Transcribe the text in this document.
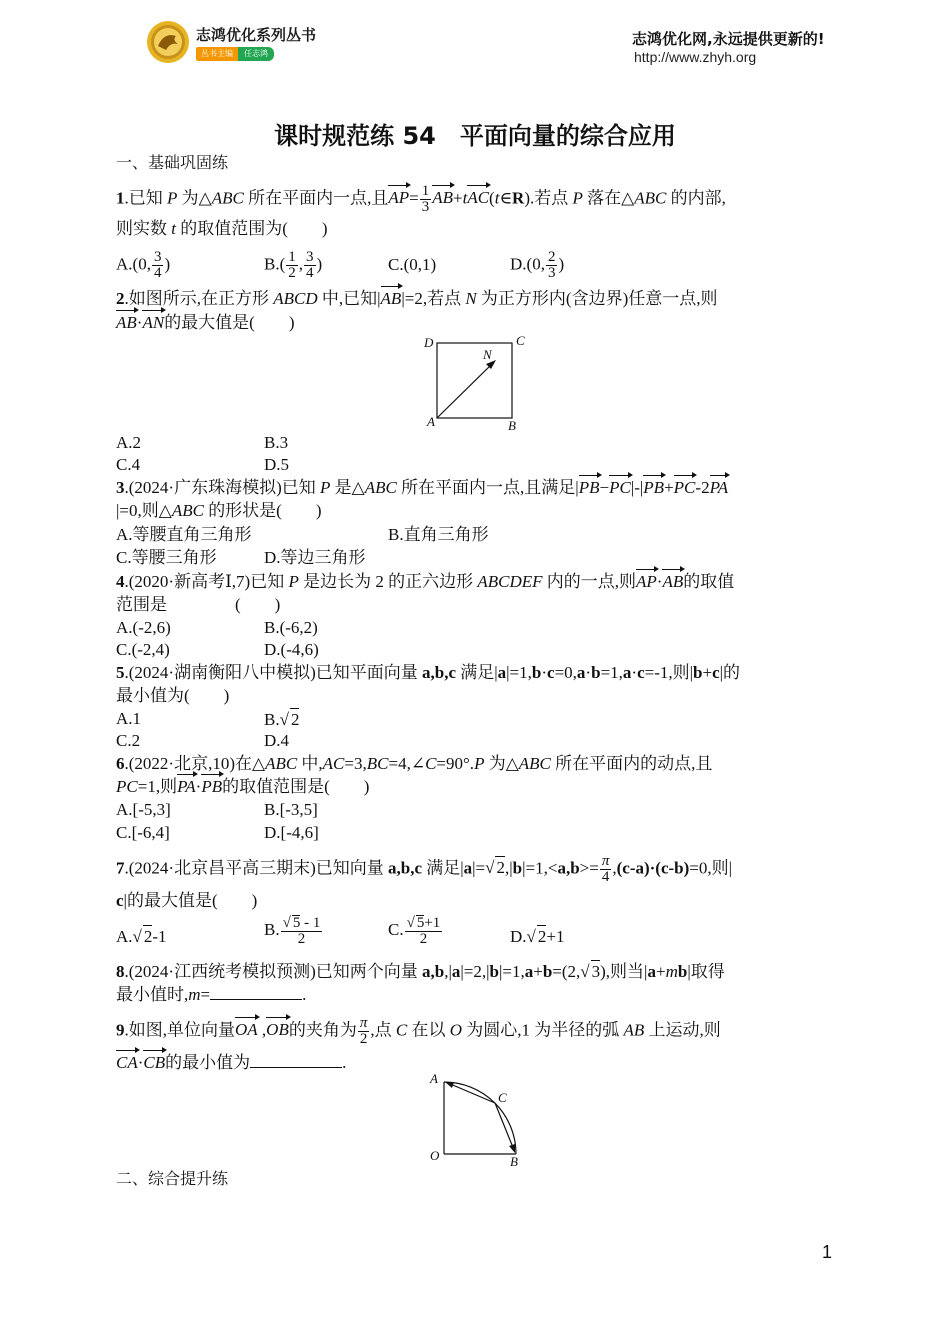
志鸿优化系列丛书
丛书主编	任志鸿
志鸿优化网,永远提供更新的!
http://www.zhyh.org
课时规范练 54　平面向量的综合应用
一、基础巩固练
1.已知 P 为△ABC 所在平面内一点,且$AP= \frac{1}{3}$ AB+tAC(t∈R).若点 P 落在△ABC 的内部,
则实数 t 的取值范围为(　　)
A.(0, $\frac{3}{4}$ )	$B.( \frac{1}{2}$ , $\frac{3}{4}$ )	C.(0,1)	D.(0, $\frac{2}{3}$ )
2.如图所示,在正方形 ABCD 中,已知|AB|=2,若点 N 为正方形内(含边界)任意一点,则
AB·AN的最大值是(　　)
D	C
N
A	B
A.2	B.3
C.4	D.5
3.(2024·广东珠海模拟)已知 P 是△ABC 所在平面内一点,且满足|PB−PC|-|PB+PC-2PA
|=0,则△ABC 的形状是(　　)
A.等腰直角三角形	B.直角三角形
C.等腰三角形	D.等边三角形
4.(2020·新高考Ⅰ,7)已知 P 是边长为 2 的正六边形 ABCDEF 内的一点,则AP·AB的取值
范围是　　　　(　　)
A.(-2,6)	B.(-6,2)
C.(-2,4)	D.(-4,6)
5.(2024·湖南衡阳八中模拟)已知平面向量 a,b,c 满足|a|=1,b·c=0,a·b=1,a·c=-1,则|b+c|的
最小值为(　　)
A.1	B. √ 2
C.2	D.4
6.(2022·北京,10)在△ABC 中,AC=3,BC=4,∠C=90°.P 为△ABC 所在平面内的动点,且
PC=1,则PA·PB的取值范围是(　　)
A.[-5,3]	B.[-3,5]
C.[-6,4]	D.[-4,6]
7.(2024·北京昌平高三期末)已知向量 a,b,c 满足|a|= √ $2,|b|=1,<a,b>= \frac{\pi}{4} ,(c-a)\cdot(c-b)=0$,则|
c|的最大值是(　　)
A. √ 2-1	B. √ $\frac{5 - 1}{2}$	C. √ $\frac{5+1}{2}$	D. √ 2+1
8.(2024·江西统考模拟预测)已知两个向量 a,b,|a|=2,|b|=1,a+b=(2, √ 3),则当|a+mb|取得
最小值时,m=	.
9.如图,单位向量OA ,OB的夹角为 $\frac{\pi}{2}$ ,点 C 在以 O 为圆心,1 为半径的弧 AB 上运动,则
CA·CB的最小值为	.
A
C
O	B
二、综合提升练
1
